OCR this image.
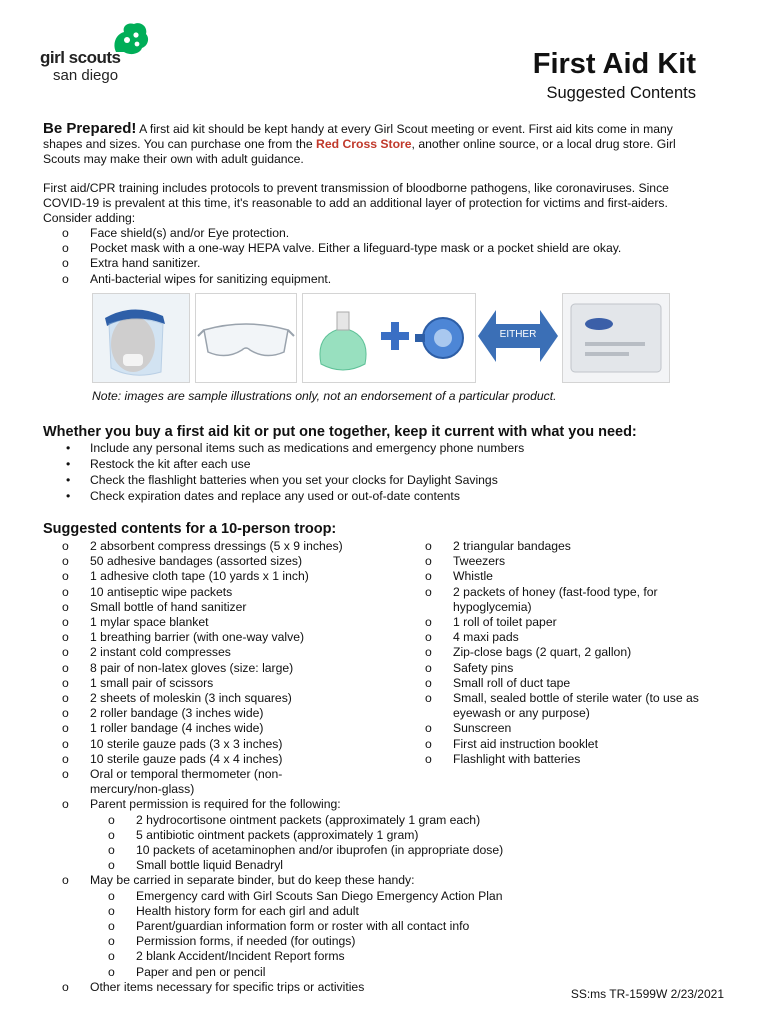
girl scouts
san diego	First Aid Kit
Suggested Contents
Be Prepared! A first aid kit should be kept handy at every Girl Scout meeting or event. First aid kits come in many shapes and sizes. You can purchase one from the Red Cross Store, another online source, or a local drug store. Girl Scouts may make their own with adult guidance.
First aid/CPR training includes protocols to prevent transmission of bloodborne pathogens, like coronaviruses. Since COVID-19 is prevalent at this time, it's reasonable to add an additional layer of protection for victims and first-aiders. Consider adding:
o Face shield(s) and/or Eye protection.
o Pocket mask with a one-way HEPA valve. Either a lifeguard-type mask or a pocket shield are okay.
o Extra hand sanitizer.
o Anti-bacterial wipes for sanitizing equipment.
EITHER
Note: images are sample illustrations only, not an endorsement of a particular product.
Whether you buy a first aid kit or put one together, keep it current with what you need:
• Include any personal items such as medications and emergency phone numbers
• Restock the kit after each use
• Check the flashlight batteries when you set your clocks for Daylight Savings
• Check expiration dates and replace any used or out-of-date contents
Suggested contents for a 10-person troop:
o 2 absorbent compress dressings (5 x 9 inches)
o 50 adhesive bandages (assorted sizes)
o 1 adhesive cloth tape (10 yards x 1 inch)
o 10 antiseptic wipe packets
o Small bottle of hand sanitizer
o 1 mylar space blanket
o 1 breathing barrier (with one-way valve)
o 2 instant cold compresses
o 8 pair of non-latex gloves (size: large)
o 1 small pair of scissors
o 2 sheets of moleskin (3 inch squares)
o 2 roller bandage (3 inches wide)
o 1 roller bandage (4 inches wide)
o 10 sterile gauze pads (3 x 3 inches)
o 10 sterile gauze pads (4 x 4 inches)
o Oral or temporal thermometer (non-mercury/non-glass)
o Parent permission is required for the following:
o 2 hydrocortisone ointment packets (approximately 1 gram each)
o 5 antibiotic ointment packets (approximately 1 gram)
o 10 packets of acetaminophen and/or ibuprofen (in appropriate dose)
o Small bottle liquid Benadryl
o May be carried in separate binder, but do keep these handy:
o Emergency card with Girl Scouts San Diego Emergency Action Plan
o Health history form for each girl and adult
o Parent/guardian information form or roster with all contact info
o Permission forms, if needed (for outings)
o 2 blank Accident/Incident Report forms
o Paper and pen or pencil
o Other items necessary for specific trips or activities
o 2 triangular bandages
o Tweezers
o Whistle
o 2 packets of honey (fast-food type, for hypoglycemia)
o 1 roll of toilet paper
o 4 maxi pads
o Zip-close bags (2 quart, 2 gallon)
o Safety pins
o Small roll of duct tape
o Small, sealed bottle of sterile water (to use as eyewash or any purpose)
o Sunscreen
o First aid instruction booklet
o Flashlight with batteries
SS:ms TR-1599W 2/23/2021
